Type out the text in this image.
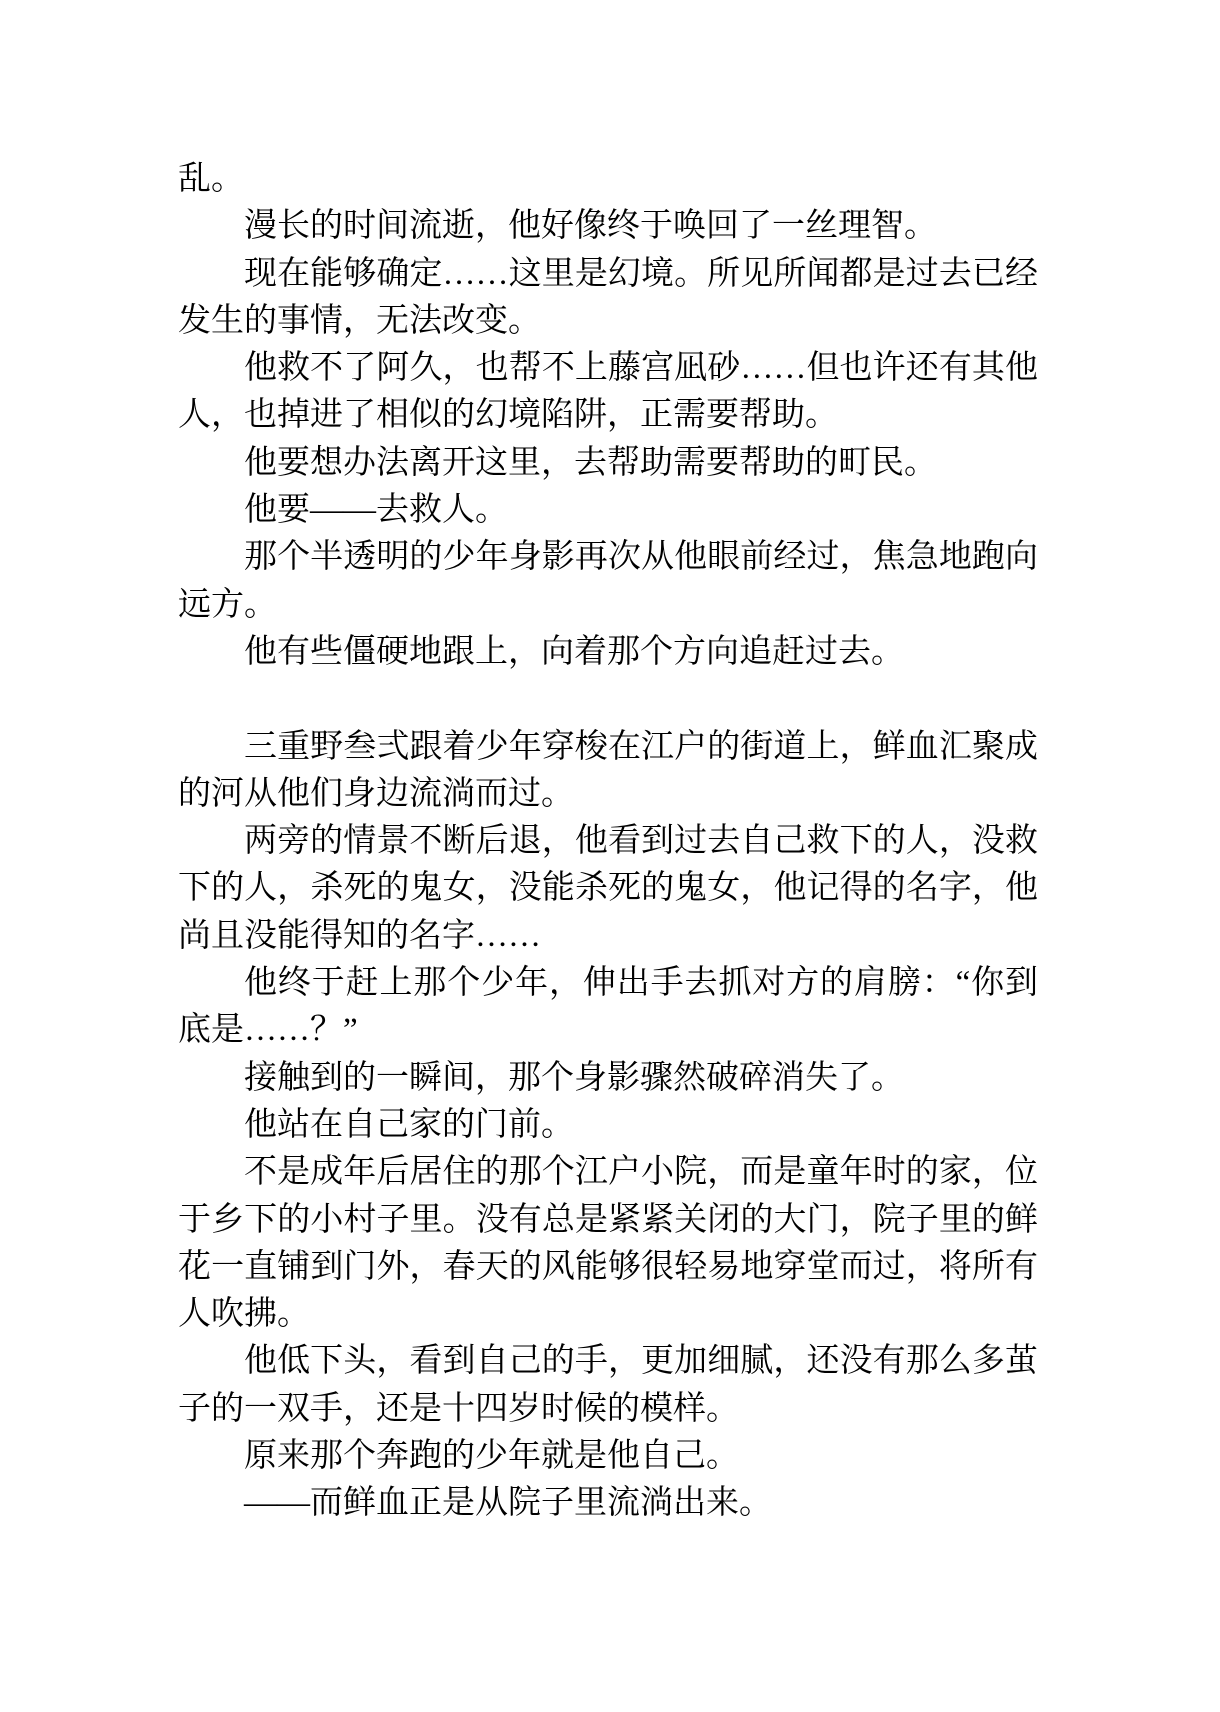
乱。

漫长的时间流逝，他好像终于唤回了一丝理智。

现在能够确定……这里是幻境。所见所闻都是过去已经发生的事情，无法改变。

他救不了阿久，也帮不上藤宫凪砂……但也许还有其他人，也掉进了相似的幻境陷阱，正需要帮助。

他要想办法离开这里，去帮助需要帮助的町民。

他要——去救人。

那个半透明的少年身影再次从他眼前经过，焦急地跑向远方。

他有些僵硬地跟上，向着那个方向追赶过去。

三重野叁弍跟着少年穿梭在江户的街道上，鲜血汇聚成的河从他们身边流淌而过。

两旁的情景不断后退，他看到过去自己救下的人，没救下的人，杀死的鬼女，没能杀死的鬼女，他记得的名字，他尚且没能得知的名字……

他终于赶上那个少年，伸出手去抓对方的肩膀：“你到底是……？”

接触到的一瞬间，那个身影骤然破碎消失了。

他站在自己家的门前。

不是成年后居住的那个江户小院，而是童年时的家，位于乡下的小村子里。没有总是紧紧关闭的大门，院子里的鲜花一直铺到门外，春天的风能够很轻易地穿堂而过，将所有人吹拂。

他低下头，看到自己的手，更加细腻，还没有那么多茧子的一双手，还是十四岁时候的模样。

原来那个奔跑的少年就是他自己。

——而鲜血正是从院子里流淌出来。
